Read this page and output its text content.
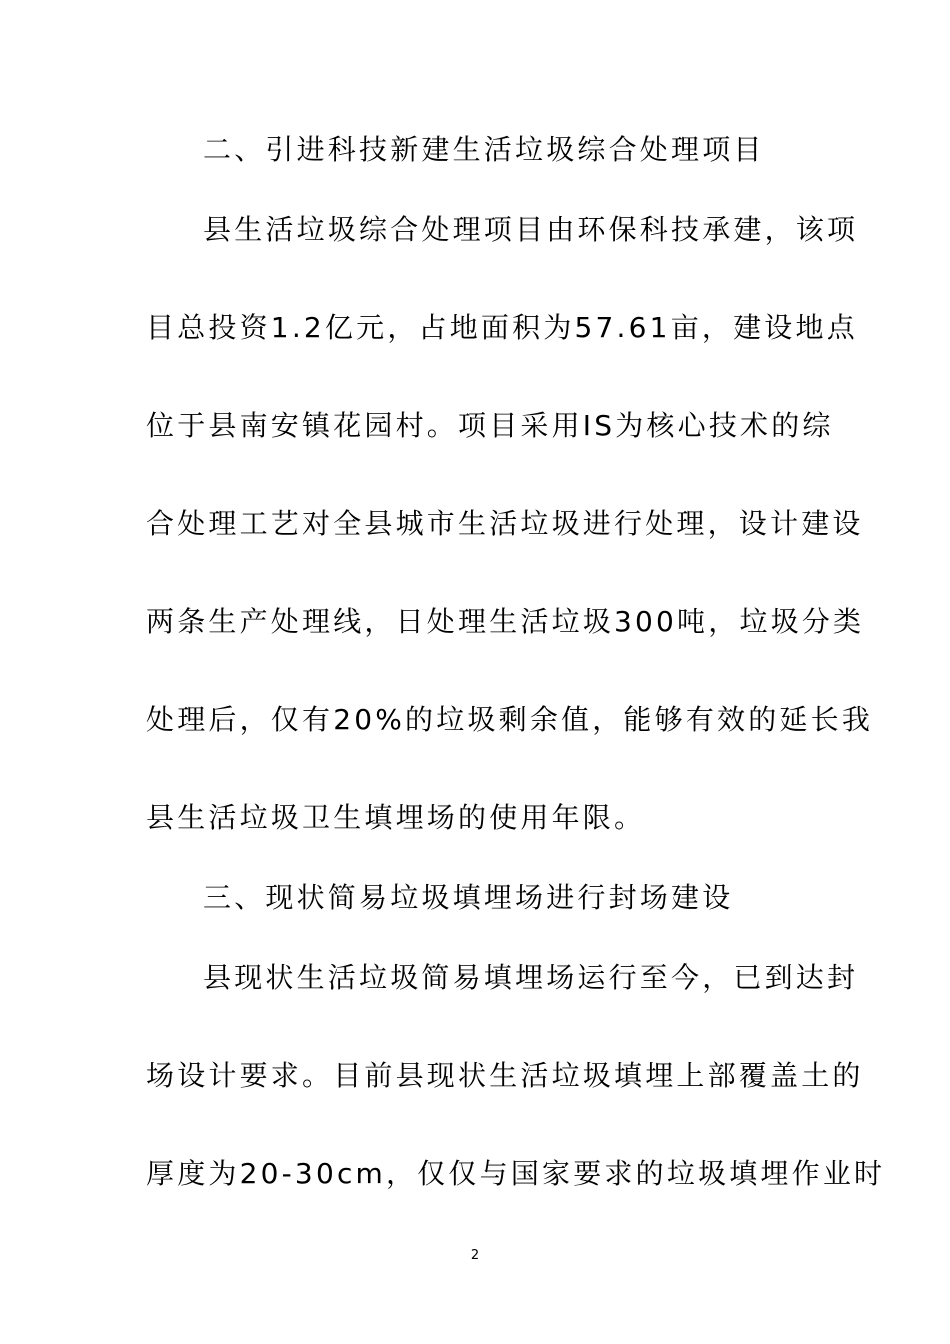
二、引进科技新建生活垃圾综合处理项目
县生活垃圾综合处理项目由环保科技承建，该项
目总投资1.2亿元，占地面积为57.61亩，建设地点
位于县南安镇花园村。项目采用IS为核心技术的综
合处理工艺对全县城市生活垃圾进行处理，设计建设
两条生产处理线，日处理生活垃圾300吨，垃圾分类
处理后，仅有20%的垃圾剩余值，能够有效的延长我
县生活垃圾卫生填埋场的使用年限。
三、现状简易垃圾填埋场进行封场建设
县现状生活垃圾简易填埋场运行至今，已到达封
场设计要求。目前县现状生活垃圾填埋上部覆盖土的
厚度为20-30cm，仅仅与国家要求的垃圾填埋作业时
2
